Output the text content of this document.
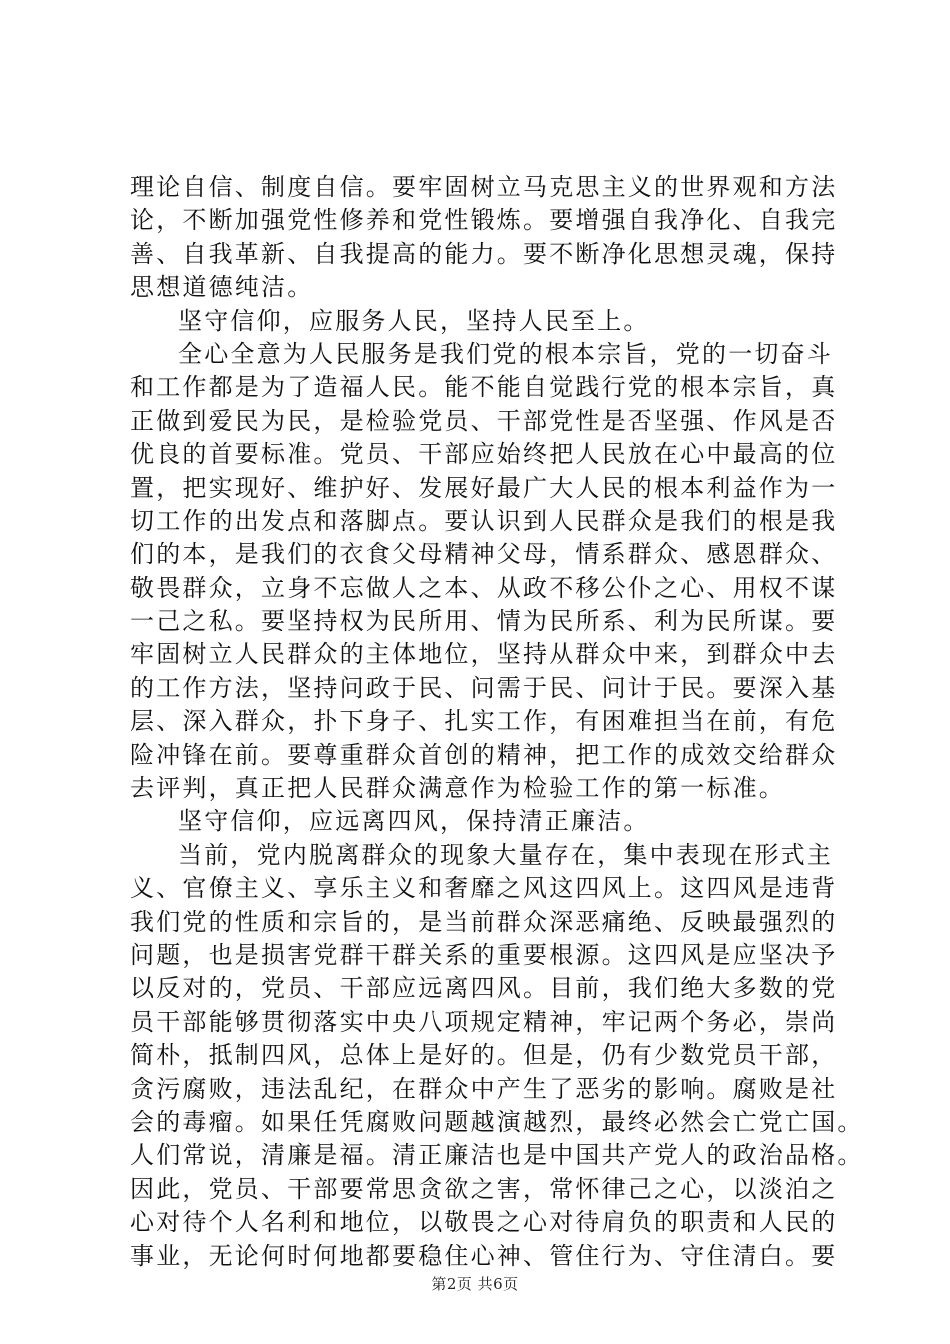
理论自信、制度自信。要牢固树立马克思主义的世界观和方法
论，不断加强党性修养和党性锻炼。要增强自我净化、自我完
善、自我革新、自我提高的能力。要不断净化思想灵魂，保持
思想道德纯洁。
坚守信仰，应服务人民，坚持人民至上。
全心全意为人民服务是我们党的根本宗旨，党的一切奋斗
和工作都是为了造福人民。能不能自觉践行党的根本宗旨，真
正做到爱民为民，是检验党员、干部党性是否坚强、作风是否
优良的首要标准。党员、干部应始终把人民放在心中最高的位
置，把实现好、维护好、发展好最广大人民的根本利益作为一
切工作的出发点和落脚点。要认识到人民群众是我们的根是我
们的本，是我们的衣食父母精神父母，情系群众、感恩群众、
敬畏群众，立身不忘做人之本、从政不移公仆之心、用权不谋
一己之私。要坚持权为民所用、情为民所系、利为民所谋。要
牢固树立人民群众的主体地位，坚持从群众中来，到群众中去
的工作方法，坚持问政于民、问需于民、问计于民。要深入基
层、深入群众，扑下身子、扎实工作，有困难担当在前，有危
险冲锋在前。要尊重群众首创的精神，把工作的成效交给群众
去评判，真正把人民群众满意作为检验工作的第一标准。
坚守信仰，应远离四风，保持清正廉洁。
当前，党内脱离群众的现象大量存在，集中表现在形式主
义、官僚主义、享乐主义和奢靡之风这四风上。这四风是违背
我们党的性质和宗旨的，是当前群众深恶痛绝、反映最强烈的
问题，也是损害党群干群关系的重要根源。这四风是应坚决予
以反对的，党员、干部应远离四风。目前，我们绝大多数的党
员干部能够贯彻落实中央八项规定精神，牢记两个务必，崇尚
简朴，抵制四风，总体上是好的。但是，仍有少数党员干部，
贪污腐败，违法乱纪，在群众中产生了恶劣的影响。腐败是社
会的毒瘤。如果任凭腐败问题越演越烈，最终必然会亡党亡国。
人们常说，清廉是福。清正廉洁也是中国共产党人的政治品格。
因此，党员、干部要常思贪欲之害，常怀律己之心，以淡泊之
心对待个人名利和地位，以敬畏之心对待肩负的职责和人民的
事业，无论何时何地都要稳住心神、管住行为、守住清白。要
第2页 共6页
